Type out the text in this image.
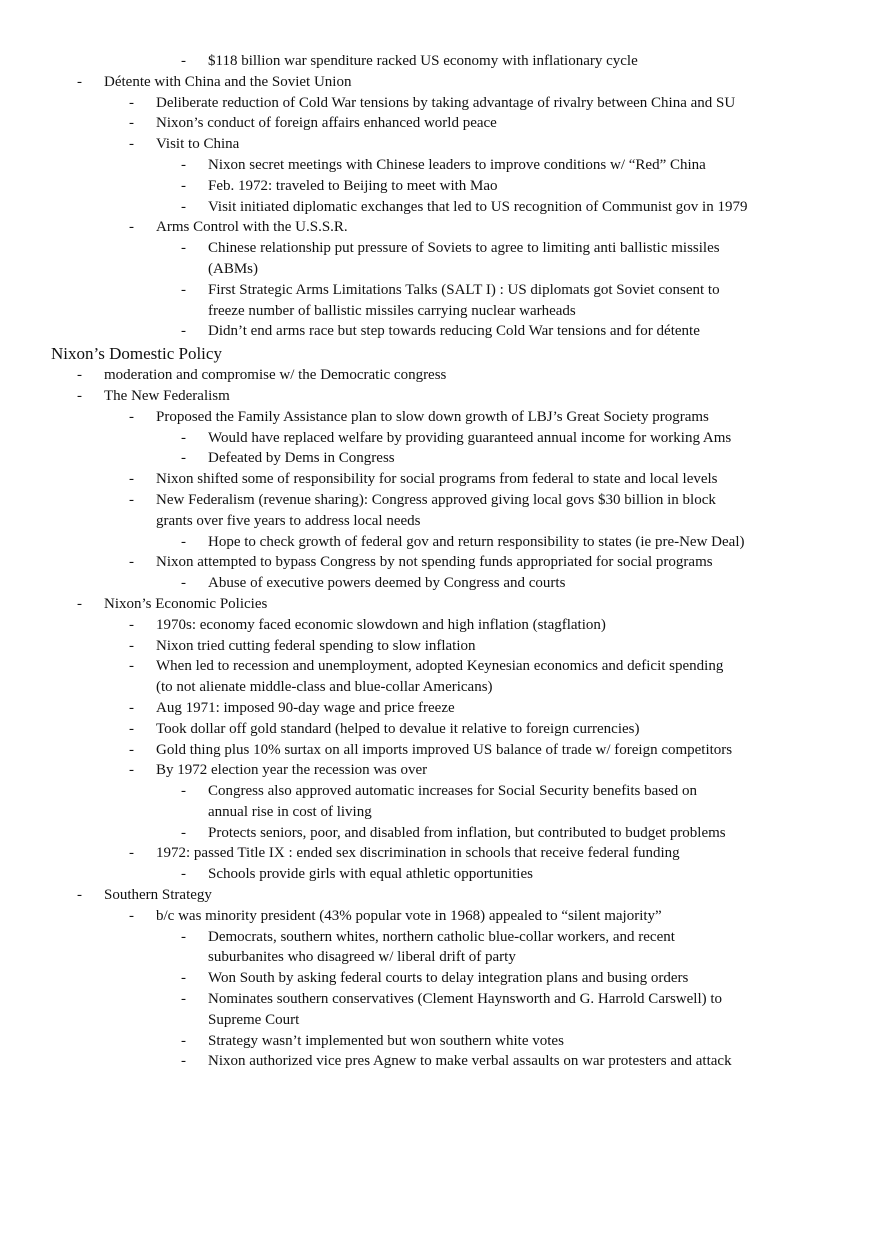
- $118 billion war spenditure racked US economy with inflationary cycle
- Détente with China and the Soviet Union
- Deliberate reduction of Cold War tensions by taking advantage of rivalry between China and SU
- Nixon’s conduct of foreign affairs enhanced world peace
- Visit to China
- Nixon secret meetings with Chinese leaders to improve conditions w/ “Red” China
- Feb. 1972: traveled to Beijing to meet with Mao
- Visit initiated diplomatic exchanges that led to US recognition of Communist gov in 1979
- Arms Control with the U.S.S.R.
- Chinese relationship put pressure of Soviets to agree to limiting anti ballistic missiles
(ABMs)
- First Strategic Arms Limitations Talks (SALT I) : US diplomats got Soviet consent to
freeze number of ballistic missiles carrying nuclear warheads
- Didn’t end arms race but step towards reducing Cold War tensions and for détente
Nixon’s Domestic Policy
- moderation and compromise w/ the Democratic congress
- The New Federalism
- Proposed the Family Assistance plan to slow down growth of LBJ’s Great Society programs
- Would have replaced welfare by providing guaranteed annual income for working Ams
- Defeated by Dems in Congress
- Nixon shifted some of responsibility for social programs from federal to state and local levels
- New Federalism (revenue sharing): Congress approved giving local govs $30 billion in block
grants over five years to address local needs
- Hope to check growth of federal gov and return responsibility to states (ie pre-New Deal)
- Nixon attempted to bypass Congress by not spending funds appropriated for social programs
- Abuse of executive powers deemed by Congress and courts
- Nixon’s Economic Policies
- 1970s: economy faced economic slowdown and high inflation (stagflation)
- Nixon tried cutting federal spending to slow inflation
- When led to recession and unemployment, adopted Keynesian economics and deficit spending
(to not alienate middle-class and blue-collar Americans)
- Aug 1971: imposed 90-day wage and price freeze
- Took dollar off gold standard (helped to devalue it relative to foreign currencies)
- Gold thing plus 10% surtax on all imports improved US balance of trade w/ foreign competitors
- By 1972 election year the recession was over
- Congress also approved automatic increases for Social Security benefits based on
annual rise in cost of living
- Protects seniors, poor, and disabled from inflation, but contributed to budget problems
- 1972: passed Title IX : ended sex discrimination in schools that receive federal funding
- Schools provide girls with equal athletic opportunities
- Southern Strategy
- b/c was minority president (43% popular vote in 1968) appealed to “silent majority”
- Democrats, southern whites, northern catholic blue-collar workers, and recent
suburbanites who disagreed w/ liberal drift of party
- Won South by asking federal courts to delay integration plans and busing orders
- Nominates southern conservatives (Clement Haynsworth and G. Harrold Carswell) to
Supreme Court
- Strategy wasn’t implemented but won southern white votes
- Nixon authorized vice pres Agnew to make verbal assaults on war protesters and attack
